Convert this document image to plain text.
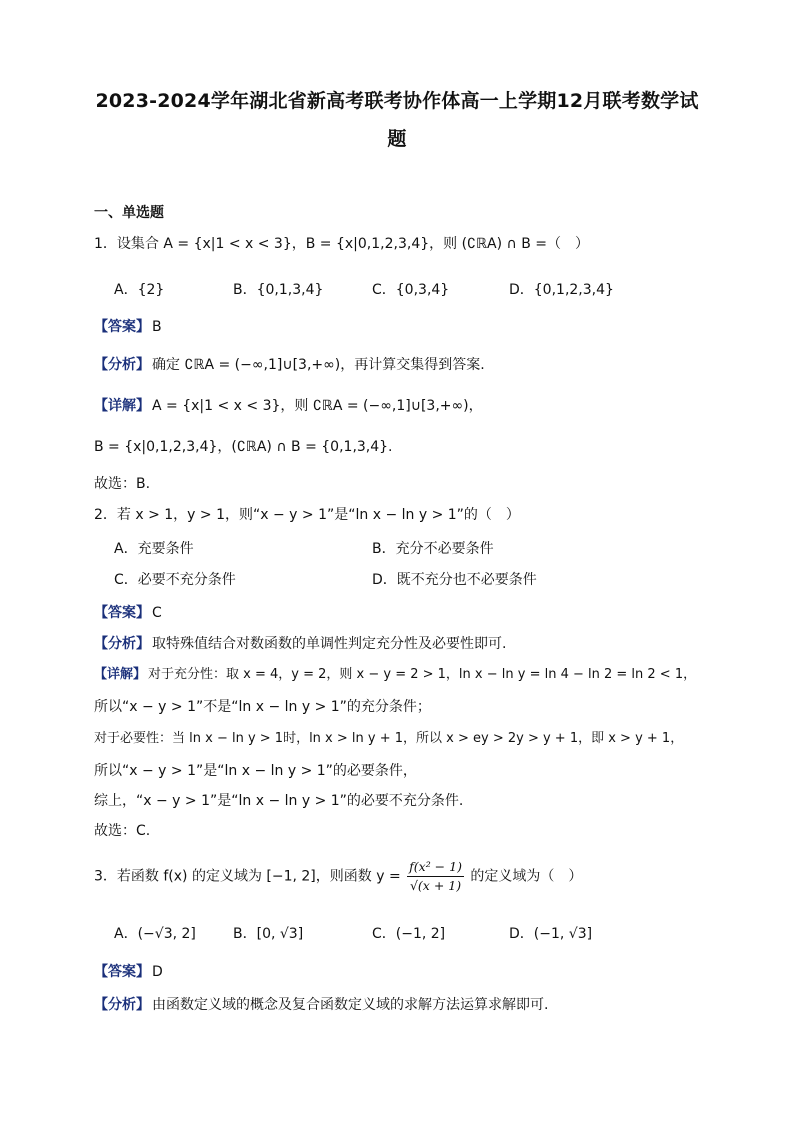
2023-2024学年湖北省新高考联考协作体高一上学期12月联考数学试
题
一、单选题
1．设集合 A = {x|1 < x < 3}，B = {x|0,1,2,3,4}，则 (∁ℝA) ∩ B =（　）
A．{2}	B．{0,1,3,4}	C．{0,3,4}	D．{0,1,2,3,4}
【答案】 B
【分析】 确定 ∁ℝA = (−∞,1]∪[3,+∞)，再计算交集得到答案.
【详解】 A = {x|1 < x < 3}，则 ∁ℝA = (−∞,1]∪[3,+∞)，
B = {x|0,1,2,3,4}，(∁ℝA) ∩ B = {0,1,3,4}.
故选：B.
2．若 x > 1，y > 1，则“x − y > 1”是“ln x − ln y > 1”的（　）
A．充要条件	B．充分不必要条件
C．必要不充分条件	D．既不充分也不必要条件
【答案】 C
【分析】 取特殊值结合对数函数的单调性判定充分性及必要性即可.
【详解】 对于充分性：取 x = 4，y = 2，则 x − y = 2 > 1，ln x − ln y = ln 4 − ln 2 = ln 2 < 1，
所以“x − y > 1”不是“ln x − ln y > 1”的充分条件；
对于必要性：当 ln x − ln y > 1时，ln x > ln y + 1，所以 x > ey > 2y > y + 1，即 x > y + 1，
所以“x − y > 1”是“ln x − ln y > 1”的必要条件，
综上，“x − y > 1”是“ln x − ln y > 1”的必要不充分条件.
故选：C.
3．若函数 f(x) 的定义域为 [−1, 2]，则函数 $y = \frac{\text{f(x² − 1)}}{√(x + 1)}$ 的定义域为（　）
A．(−√3, 2]	B．[0, √3]	C．(−1, 2]	D．(−1, √3]
【答案】 D
【分析】 由函数定义域的概念及复合函数定义域的求解方法运算求解即可.
